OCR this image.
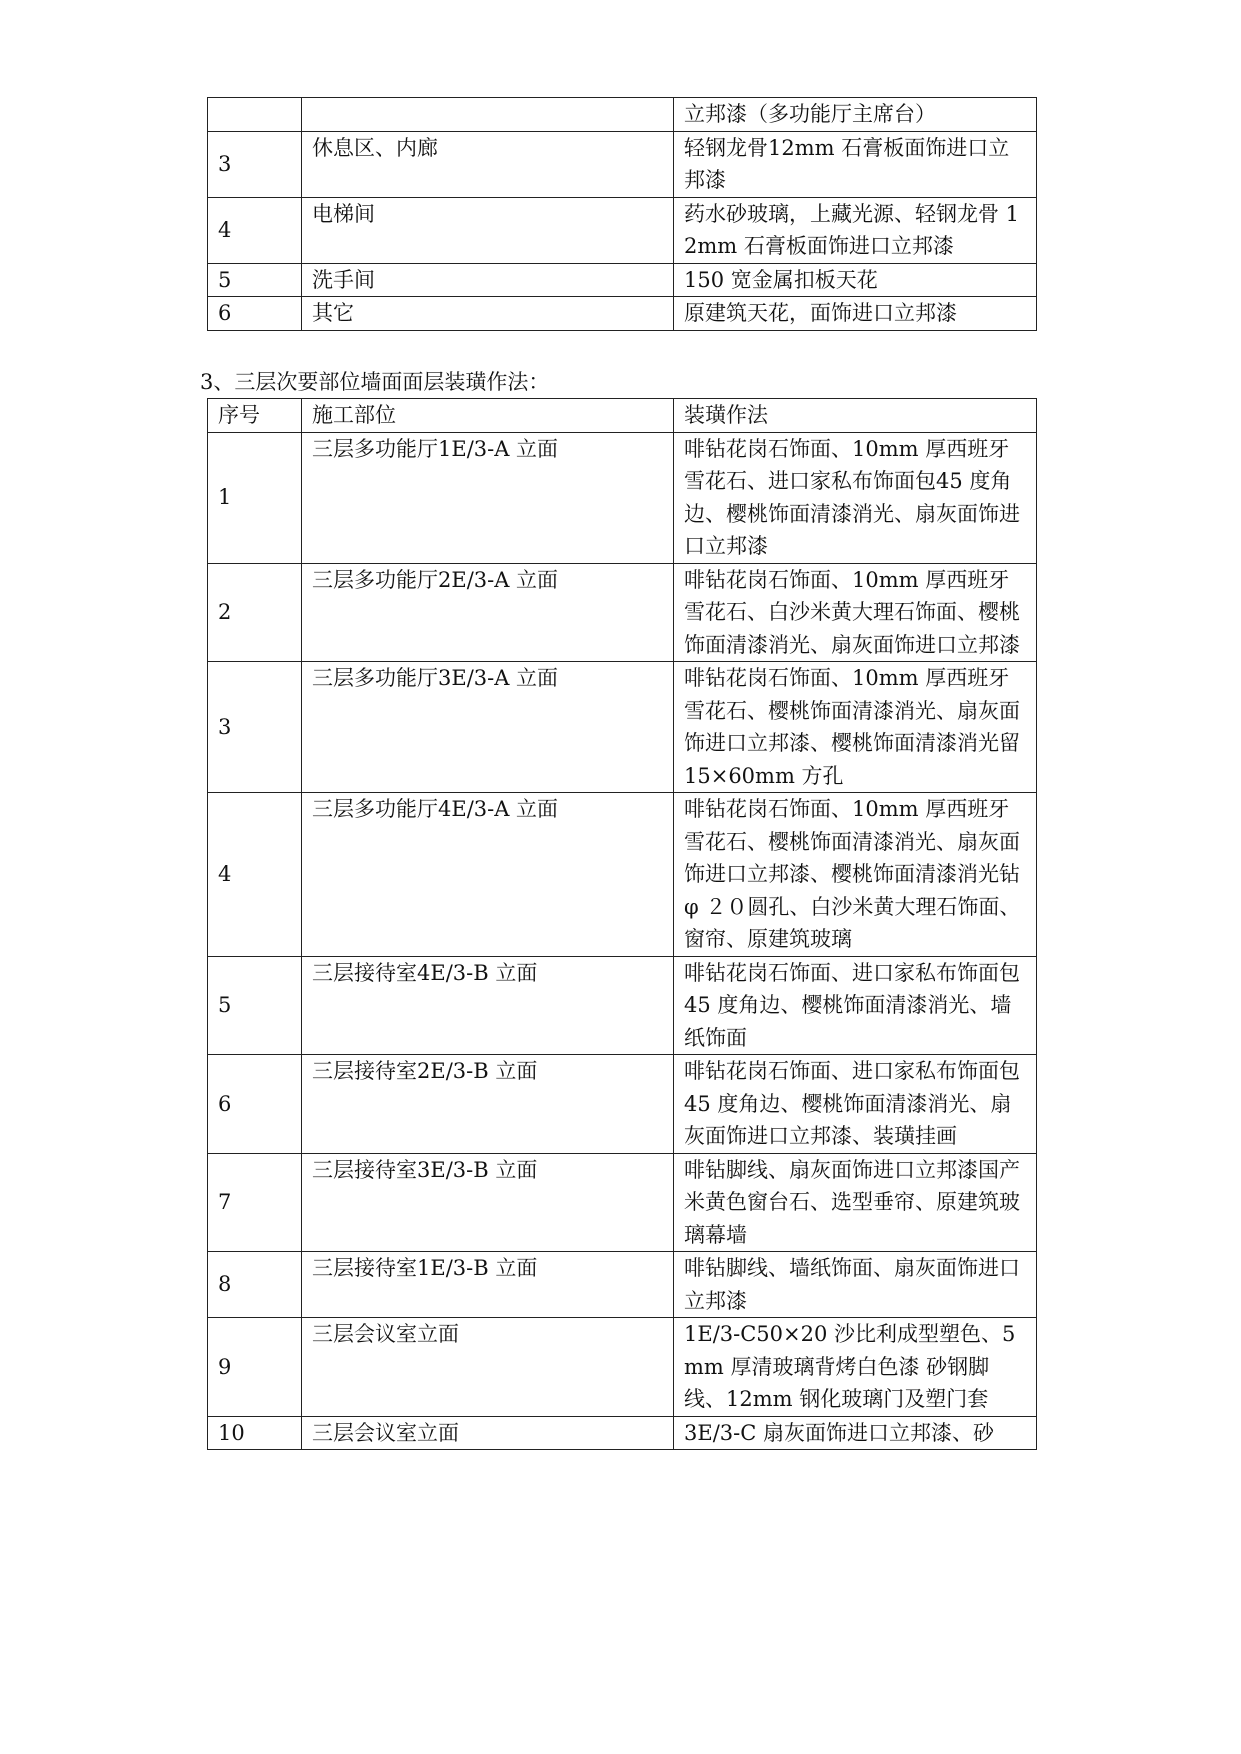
		立邦漆（多功能厅主席台）
3	休息区、内廊	轻钢龙骨12mm 石膏板面饰进口立邦漆
4	电梯间	药水砂玻璃，上藏光源、轻钢龙骨 12mm 石膏板面饰进口立邦漆
5	洗手间	150 宽金属扣板天花
6	其它	原建筑天花，面饰进口立邦漆
3、三层次要部位墙面面层装璜作法：
序号	施工部位	装璜作法
1	三层多功能厅1E/3-A 立面	啡钻花岗石饰面、10mm 厚西班牙雪花石、进口家私布饰面包45 度角边、樱桃饰面清漆消光、扇灰面饰进口立邦漆
2	三层多功能厅2E/3-A 立面	啡钻花岗石饰面、10mm 厚西班牙雪花石、白沙米黄大理石饰面、樱桃饰面清漆消光、扇灰面饰进口立邦漆
3	三层多功能厅3E/3-A 立面	啡钻花岗石饰面、10mm 厚西班牙雪花石、樱桃饰面清漆消光、扇灰面饰进口立邦漆、樱桃饰面清漆消光留15×60mm 方孔
4	三层多功能厅4E/3-A 立面	啡钻花岗石饰面、10mm 厚西班牙雪花石、樱桃饰面清漆消光、扇灰面饰进口立邦漆、樱桃饰面清漆消光钻φ ２０圆孔、白沙米黄大理石饰面、窗帘、原建筑玻璃
5	三层接待室4E/3-B 立面	啡钻花岗石饰面、进口家私布饰面包 45 度角边、樱桃饰面清漆消光、墙纸饰面
6	三层接待室2E/3-B 立面	啡钻花岗石饰面、进口家私布饰面包 45 度角边、樱桃饰面清漆消光、扇灰面饰进口立邦漆、装璜挂画
7	三层接待室3E/3-B 立面	啡钻脚线、扇灰面饰进口立邦漆国产米黄色窗台石、选型垂帘、原建筑玻璃幕墙
8	三层接待室1E/3-B 立面	啡钻脚线、墙纸饰面、扇灰面饰进口立邦漆
9	三层会议室立面	1E/3-C50×20 沙比利成型塑色、5mm 厚清玻璃背烤白色漆 砂钢脚线、12mm 钢化玻璃门及塑门套
10	三层会议室立面	3E/3-C 扇灰面饰进口立邦漆、砂
